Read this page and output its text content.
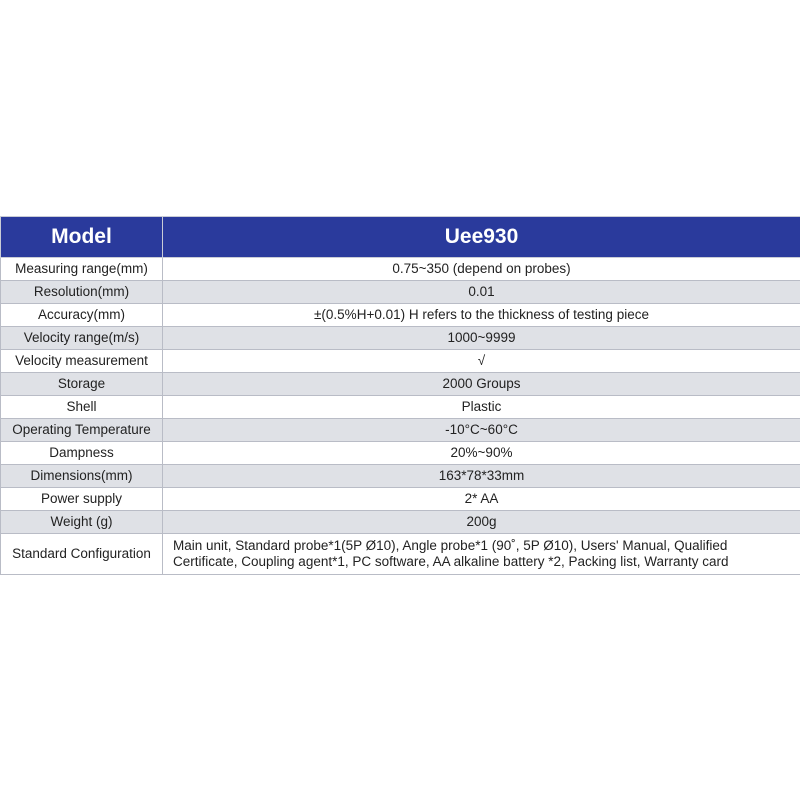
Model	Uee930
Measuring range(mm)	0.75~350 (depend on probes)
Resolution(mm)	0.01
Accuracy(mm)	±(0.5%H+0.01) H refers to the thickness of testing piece
Velocity range(m/s)	1000~9999
Velocity measurement	√
Storage	2000 Groups
Shell	Plastic
Operating Temperature	-10°C~60°C
Dampness	20%~90%
Dimensions(mm)	163*78*33mm
Power supply	2* AA
Weight (g)	200g
Standard Configuration	Main unit, Standard probe*1(5P Ø10), Angle probe*1 (90˚, 5P Ø10), Users' Manual, Qualified Certificate, Coupling agent*1, PC software, AA alkaline battery *2, Packing list, Warranty card
